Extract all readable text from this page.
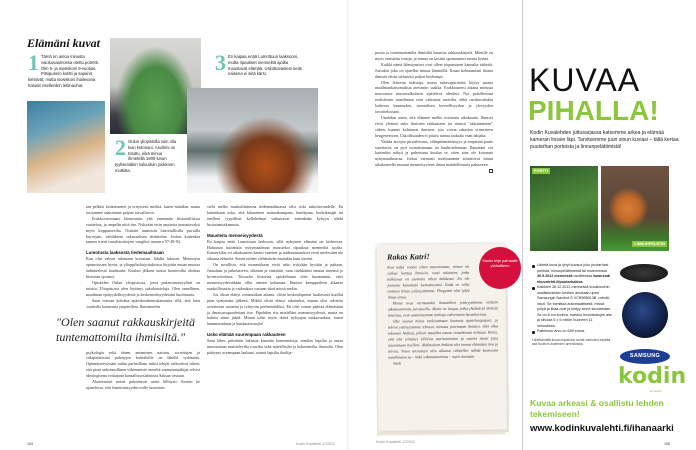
Elämäni kuvat
1 Tämä on ainoa minusta vaiokuvaamossa otettu potretti. Olin 6- ja isosiskoni 9-vuotias. Pitsipusero kutitti ja sapanit kiristivät, mutta isosiskoni ihailevana halusin itsellenikin lettinauhat.
2 Oulun yliopistolla voin olla kuin kotonani. Asuihini on totuttu, eikä minua ihmetellä 1800-luvun tyyliseniäkin suluuduin joukkoon mutkitta.
3 En kaipaa enää Lumottuun laaksooni, mutta ripaukset menneiltä ajoilta maustavat elämää. Uskottavasteni tiede naisena ei siitä kärsi.

tan pelkäsi koskettaneet ja erityisesti miehiä, kuten minäkin, mutta toisiamme saatoimme paijata turvallisesti.

Erakkovuosinani kiinnostuin yhä enemmän historiallisista vaatteista, ja ompelin niitä itse. Nykyään etsin asusteita tuunattavaksi myös kirpputoreilta. Osittain naamioin historiallisilla puvuilla kurvejani, välttäkseni seksuaalisen ahdistelun. Joskus kuitenkin tunnen itseni vartalomittojeni vangiksi: numero 97-49-94.

Lumotusta laaksosta tiedemaailmaan

Kun olin valmis tulemaan kotostani, lähdin lukioon. Menestyin opinnoissani hyvin, ja ylioppilaskirjoituksissa kirjoitin muun muassa äidinkielestä laudaturin. Koulun jälkeen tuntui luontevalta aloittaa historian opinnot.

Opiskelen Oulun yliopistossa, jossa pukeutumistyyliini on totuttu. Yliopistosta olen löytänyt sukulaissieluja. Olen onnellinen, maailman epätyydellisyydestä ja keskeneräisyydestäni huolimatta.

Saan voimaa kohdata epäoikeudenmukaisuutta sillä, että luon vaatteilla kauneutta ympärilleni. Ihmismielen

"Olen saanut rakkauskirjeitä tuntemattomilta ihmisiltä."

psykologia sekä äänen antaminen naisten, sorrettujen ja väkipäätöisinä pidettyjen kohtaloille on lähellä sydäntäni. Opinnäytetyössäni tutkin parhaillaan, miksi tekijät vaikuttivat siihen, että pieni unkonnollinen vähemmistö nimeltä raamatuntutkijat selvisi ideologisena voittajana kansallissosialistista Saksaa vastaan.

Akateemiset naiset pukeutuvat usein hillitysti. Kentäs he ajattelevat, että feminiinisyyden esille tuominen

vielä melko maskuliinisessa tiedemaailmassa olisi riski uskottavuudelle. En kuitenkaan usko, että kiharainen nutturakampaus, hunilpuna, korkokengät tai iteelleni tyypilliset kellohelmat vaikuttavat mitenkään kykyyn tehdä historiantutkimusta.

Mausteita menneisyydestä

En kaipaa enää Lumottuun laaksoon, sillä nykyinen elämäni on kiehtovaa. Haluaisin kuitenkin nykymaailman maustekoi ripauksia menneiltä ajoilta. Esimerkiksi eri aikakausien kaunit vaatteet ja taidesuuntaukset eivät mielestäni ole aikansa eläneitä. Soisin niiden viehättävän muitakin kuin itseäni.

On surullista, että monestikaan eivät usko nykyään hyvään ja pahaan, Jumalaan ja paholaiseen, oikeaan ja vääriään, vaan itsekkäästi omaan itseensä ja hyvinvointiinsa. Toisaalta historiaa opiskeltuani olen huomannut, ettei menneisyydessäkään ollut omeen kultamaa. Ihmiset kamppailivat aikanaa ruadoillisuutta ja vaikeuksia vastaan siinä missä mekin.

Jos olisin elänyt romantiikan aikana, olisin keskoolapsena luultavasti kuollut pian syntymäni jälkeen. Mikäli olisin elänyt aikuiseksi, minun olisi odotettu avioituvan nuorena ja ryhtyvän perheenäidiksi. En olisi voinut päättää elämästäni ja ilmaisuvapaudestani itse. Pipahdan siis mielelläni menneisyydessä, mutta en haluisi sinne jäädä. Minun tulisi myös ikävä nykyajan mukavuuksia, kuten hammastahnaa ja kuukautissuojia!

Usko elämää suurempaan rakkauteen

Saan lähes päivittäin lukuisia kauniita kommentteja, etenkin lapsilta ja omaa nuoruuttaan muistelevilta rouvilta sekä taiteellisilta ja boheemeilta ihmisiltä. Olen päätynyt useampaan lauluun, saanut lapsilta ihailija-

Kodin Kuvalehti 17/2012
104

postia ja tuntemattomilta ihmisiltä kauniita rakkauskirjeitä. Minulle on myös omistettu runoja, ja minua on kosittu spontaanisti monta kertaa.

Kaikki nämä lähestymiset ovat olleet toipumiseni kannalta tärkeitä. Jossakin joku on ajatellut minua lämmöllä. Ilman kohtaamiani ihania ihmisiä olisin sieluttesti paljon köyhempi.

Olen Jehovan todistaja, mutta tuttavapiiristäni löytyy monia maailmankatsomuksia ateismiin saakka. Erakkoutensi aikana minusta muovautui mustavalkoisesti ajatteleva idealisti. Nyt palaillessani realistiseen maailmaan voin vaikuttaa naiivilta, ehkä raoittavaltakin kaikessa kauneuden, moraalisen hyveellisyyden ja ylevyyden tavoittelussani.

Unohdan usein, että elämme melko estotonta aikakautta. Ihmiset eivät yleensä usko ikuiseen rakkauteen tai itsensä "säästämiseen" siihen, kunnes kohtaavat ihmisen, jota voivat rakastaa viimeiseen hengenvetoon. Uskollisuuden ei pitäisi tuntua taakalta vaan lahjalta.

Vaikka arvojen pirstaleisuus, välinpitämättömyys ja empatian puute surettavat, en pyri tuomitsemaan tai kauhistelemaan. Ihmistäni voi kuitenkin näkyä ja puheistani kuulua se, etten aina ole kotonani nykymaailmassa. Jotkut varmasti mieluummin siirtäisivät minut aikakoneella moraan menneisyyteen ilman mahdollisuutta paluuseen.

Rakas Katri!

Kun neljä vuotta sitten tutustuimme, minun oli vaikea luottaa ihmisiin, vaati sekaisten, jotka kulkisivat en aiemmin olleet kokdenut. En ole joutunut katumaan luottamustani. Enää en tulisi toimeen ilman ystävyyttämme. Ylioppisto olisi tyhjä ilman sinua.

Monet ovat varmaankin ihmetelleet ystävyyttämme erilaiin ulkomuotomme perusteella. Mutta ne langat, jotka yhdistävät ihmisiä toisiinsa, ovat vaatteitaemme lankoja vahvemmin havaittavissa.

Olet saanut minut tarkistamaan kautosia ajattelutapojani, ja tolvon ystävyytemme tehneen minusta paremman ihmisen. Olet ollut tukenani hetkinä, jolloin maailma tuntuu romahtavan niskaan. Kiitos, että olet siirtänyt silloisia mariseminiäni ja saanut minut jopa nauramaan itselleni. Ahdistuksen hetkinä olet tuonut elämääni iloa ja toivoa. Sinun ansiostasi olen alkanut vähitellen nähdä kauneutta maailmassa ja – mikä sukomattominta – myös itsessäni.

Sauli

Saulin kirje parhaalle ystävälleen
Kodin Kuvalehti 17/2012
KUVAA
PIHALLA!
Kodin Kuvalehden juttusarjassa katsomme arkea ja elämää kameran linssin läpi. Tarvitsemme juuri sinun kuviasi – tällä kertaa puutarhan porteista ja linnunpelättimistä!
PORTTI
LINNUNPELÄTIN
Lähetä kuva ja lyhyt kuvaus joko puutarhasi portista, linnunpelättimestä tai molemmista 30.9.2012 mennessä osoitteessa www.kodinkuvalehti.fi/puutarhakisa
Kaikkien 26.12.2012 mennessä kuvakisoihin osallistuneiden kesken arvotaan upea Samsungin Navibot-S VCR8950L3B -robotti-imuri. Se toimittaa automaattisesti, missä pölyä ja likaa ovat ja siirtyy sinne siivoamaan. Se on 8 cm korkea, mahtuu huonekalujen alle ja siivoaa 5 x 5 neliön huoneen 11 minuutissa.
Palkinnon arvo on 699 euroa.
Lähettämällä kuvan kilpailuun annat oikeuden käyttää sitä Kodin Kuvalehden arreniloissa.
SAMSUNG
kodin
kuvalehti
Kuvaa arkeasi & osallistu lehden tekemiseen!
www.kodinkuvalehti.fi/ihanaarki
105
